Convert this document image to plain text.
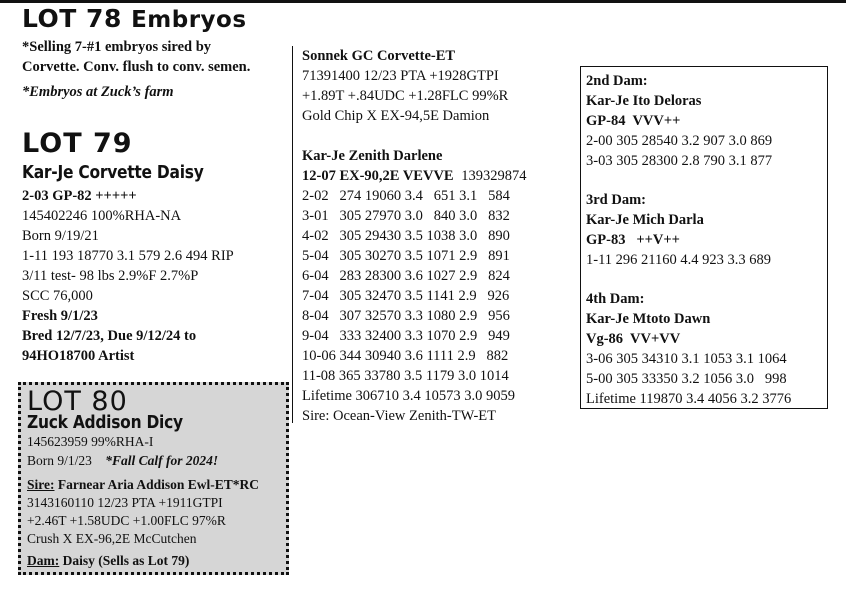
LOT 78 Embryos
*Selling 7-#1 embryos sired by
Corvette. Conv. flush to conv. semen.
*Embryos at Zuck’s farm
LOT 79
Kar-Je Corvette Daisy
2-03 GP-82 +++++
145402246 100%RHA-NA
Born 9/19/21
1-11 193 18770 3.1 579 2.6 494 RIP
3/11 test- 98 lbs 2.9%F 2.7%P
SCC 76,000
Fresh 9/1/23
Bred 12/7/23, Due 9/12/24 to
94HO18700 Artist
LOT 80
Zuck Addison Dicy
145623959 99%RHA-I
Born 9/1/23 *Fall Calf for 2024!
Sire: Farnear Aria Addison Ewl-ET*RC
3143160110 12/23 PTA +1911GTPI
+2.46T +1.58UDC +1.00FLC 97%R
Crush X EX-96,2E McCutchen
Dam: Daisy (Sells as Lot 79)
Sonnek GC Corvette-ET
71391400 12/23 PTA +1928GTPI
+1.89T +.84UDC +1.28FLC 99%R
Gold Chip X EX-94,5E Damion
Kar-Je Zenith Darlene
12-07 EX-90,2E VEVVE 139329874
2-02   274 19060 3.4   651 3.1   584
3-01   305 27970 3.0   840 3.0   832
4-02   305 29430 3.5 1038 3.0   890
5-04   305 30270 3.5 1071 2.9   891
6-04   283 28300 3.6 1027 2.9   824
7-04   305 32470 3.5 1141 2.9   926
8-04   307 32570 3.3 1080 2.9   956
9-04   333 32400 3.3 1070 2.9   949
10-06 344 30940 3.6 1111 2.9   882
11-08 365 33780 3.5 1179 3.0 1014
Lifetime 306710 3.4 10573 3.0 9059
Sire: Ocean-View Zenith-TW-ET
2nd Dam:
Kar-Je Ito Deloras
GP-84  VVV++
2-00 305 28540 3.2 907 3.0 869
3-03 305 28300 2.8 790 3.1 877
3rd Dam:
Kar-Je Mich Darla
GP-83   ++V++
1-11 296 21160 4.4 923 3.3 689
4th Dam:
Kar-Je Mtoto Dawn
Vg-86  VV+VV
3-06 305 34310 3.1 1053 3.1 1064
5-00 305 33350 3.2 1056 3.0   998
Lifetime 119870 3.4 4056 3.2 3776
